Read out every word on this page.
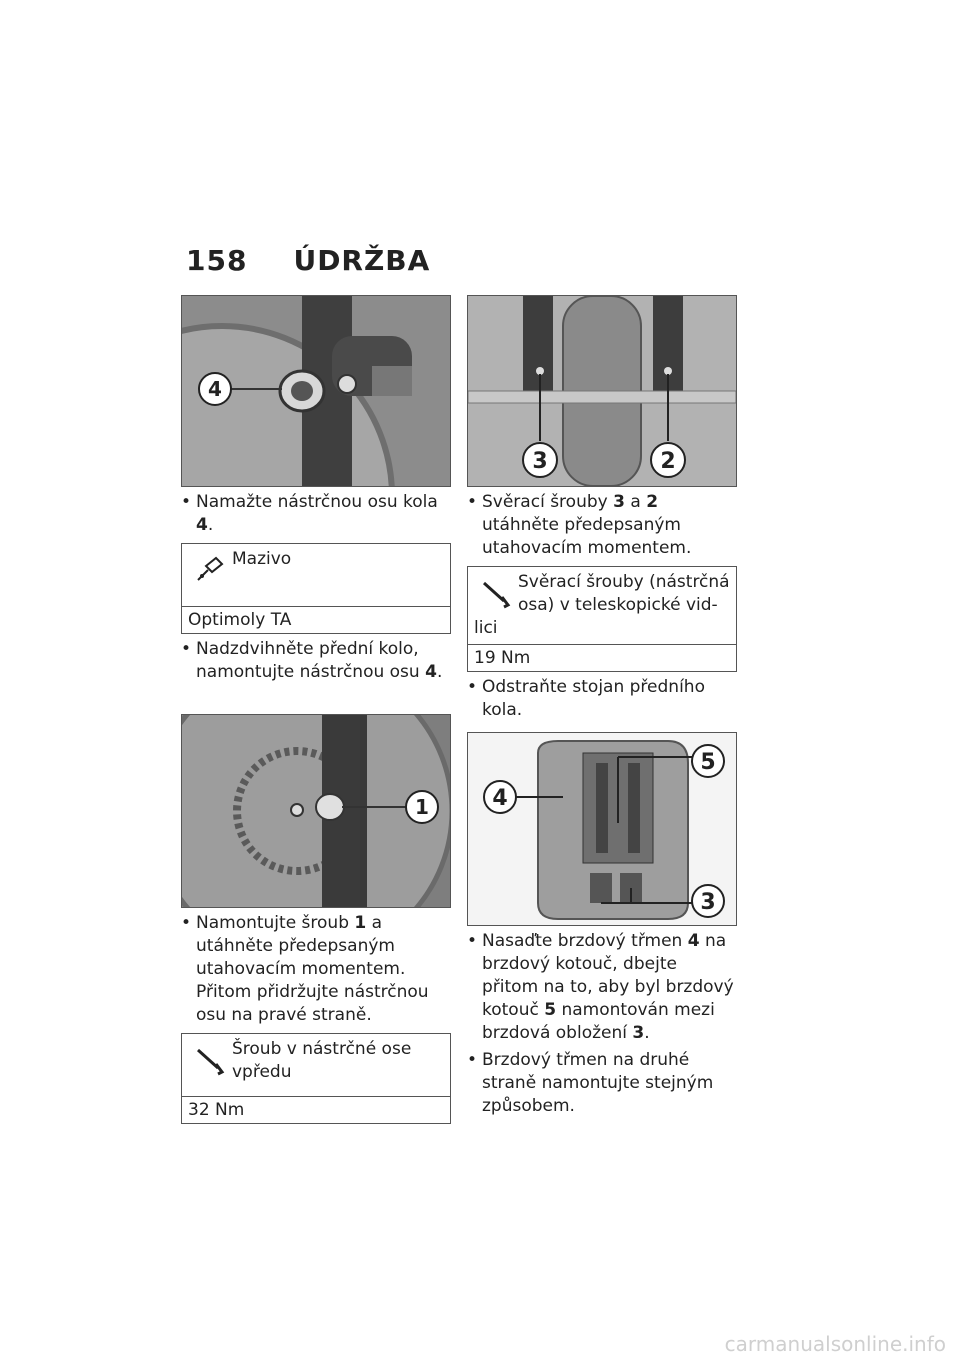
158 ÚDRŽBA
4
• Namažte nástrčnou osu kola 4.
Mazivo
Optimoly TA
• Nadzdvihněte přední kolo, namontujte nástrčnou osu 4.
1
• Namontujte šroub 1 a utáhněte předepsaným utahovacím momentem. Přitom přidržujte nástrčnou osu na pravé straně.
Šroub v nástrčné ose vpředu
32 Nm
3	2
• Svěrací šrouby 3 a 2 utáhněte předepsaným utahovacím momentem.
Svěrací šrouby (nástrčná osa) v teleskopické vid-
lici
19 Nm
• Odstraňte stojan předního kola.
5
4
3
• Nasaďte brzdový třmen 4 na brzdový kotouč, dbejte přitom na to, aby byl brzdový kotouč 5 namontován mezi brzdová obložení 3.
• Brzdový třmen na druhé straně namontujte stejným způsobem.
carmanualsonline.info
